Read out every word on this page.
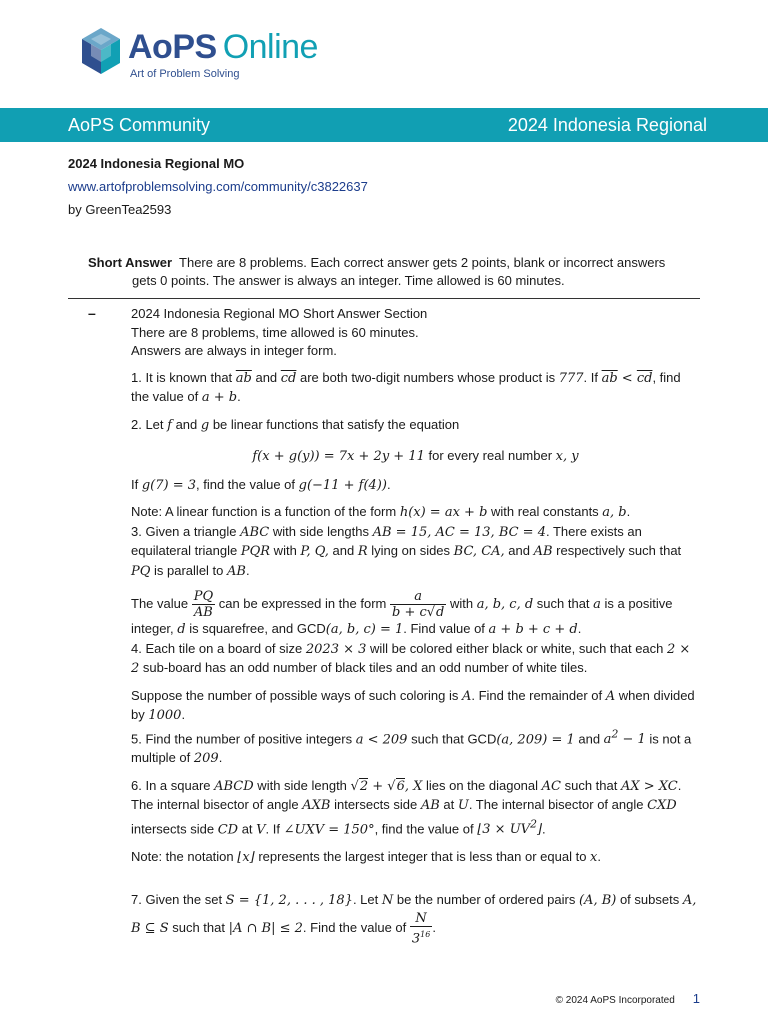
AoPS Online
Art of Problem Solving
AoPS Community	2024 Indonesia Regional
2024 Indonesia Regional MO
www.artofproblemsolving.com/community/c3822637
by GreenTea2593
Short Answer There are 8 problems. Each correct answer gets 2 points, blank or incorrect answers
gets 0 points. The answer is always an integer. Time allowed is 60 minutes.
–	2024 Indonesia Regional MO Short Answer Section

There are 8 problems, time allowed is 60 minutes.

Answers are always in integer form.

1. It is known that $\overline{ab}$ and $\overline{cd}$ are both two-digit numbers whose product is 777. If $\overline{ab} < \overline{cd}$, find the value of a + b.

2. Let f and g be linear functions that satisfy the equation

f(x + g(y)) = 7x + 2y + 11 for every real number x, y

If g(7) = 3, find the value of g(−11 + f(4)).

Note: A linear function is a function of the form h(x) = ax + b with real constants a, b.

3. Given a triangle ABC with side lengths AB = 15, AC = 13, BC = 4. There exists an equilateral triangle PQR with P, Q, and R lying on sides BC, CA, and AB respectively such that PQ is parallel to AB.

The value $\frac{PQ}{AB}$ can be expressed in the form $\frac{a}{b + c√d}$ with a, b, c, d such that a is a positive integer, d is squarefree, and GCD(a, b, c) = 1. Find value of a + b + c + d.

4. Each tile on a board of size 2023 × 3 will be colored either black or white, such that each 2 × 2 sub-board has an odd number of black tiles and an odd number of white tiles.

Suppose the number of possible ways of such coloring is A. Find the remainder of A when divided by 1000.

5. Find the number of positive integers a < 209 such that GCD(a, 209) = 1 and $a^2 - 1$ is not a multiple of 209.

6. In a square ABCD with side length √2 + √6, X lies on the diagonal AC such that AX > XC. The internal bisector of angle AXB intersects side AB at U. The internal bisector of angle CXD intersects side CD at V. If ∠UXV = 150°, find the value of ⌊3 × $UV^2⌋$.

Note: the notation ⌊x⌋ represents the largest integer that is less than or equal to x.

7. Given the set S = {1, 2, . . . , 18}. Let N be the number of ordered pairs (A, B) of subsets A, B ⊆ S such that |A ∩ B| ≤ 2. Find the value of $\frac{N}{3^{16}}$ .

© 2024 AoPS Incorporated 1
